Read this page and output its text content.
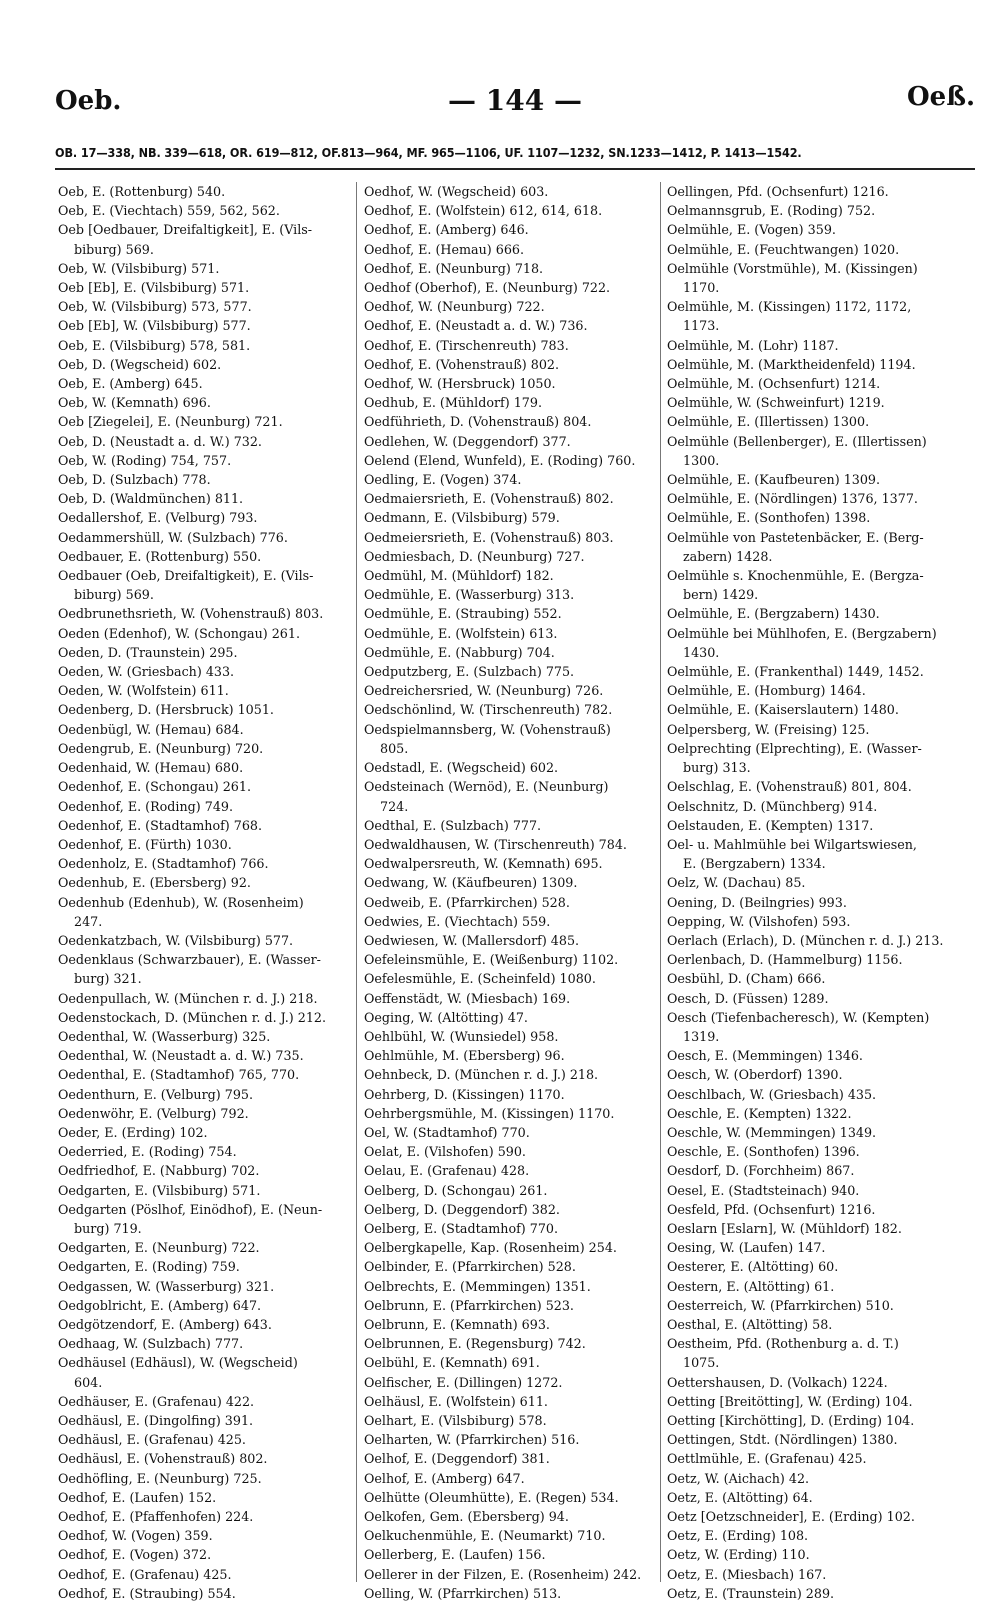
Oeb.	— 144 —	Oeß.
OB. 17—338, NB. 339—618, OR. 619—812, OF.813—964, MF. 965—1106, UF. 1107—1232, SN.1233—1412, P. 1413—1542.
Oeb, E. (Rottenburg) 540.
Oeb, E. (Viechtach) 559, 562, 562.
Oeb [Oedbauer, Dreifaltigkeit], E. (Vils-
biburg) 569.
Oeb, W. (Vilsbiburg) 571.
Oeb [Eb], E. (Vilsbiburg) 571.
Oeb, W. (Vilsbiburg) 573, 577.
Oeb [Eb], W. (Vilsbiburg) 577.
Oeb, E. (Vilsbiburg) 578, 581.
Oeb, D. (Wegscheid) 602.
Oeb, E. (Amberg) 645.
Oeb, W. (Kemnath) 696.
Oeb [Ziegelei], E. (Neunburg) 721.
Oeb, D. (Neustadt a. d. W.) 732.
Oeb, W. (Roding) 754, 757.
Oeb, D. (Sulzbach) 778.
Oeb, D. (Waldmünchen) 811.
Oedallershof, E. (Velburg) 793.
Oedammershüll, W. (Sulzbach) 776.
Oedbauer, E. (Rottenburg) 550.
Oedbauer (Oeb, Dreifaltigkeit), E. (Vils-
biburg) 569.
Oedbrunethsrieth, W. (Vohenstrauß) 803.
Oeden (Edenhof), W. (Schongau) 261.
Oeden, D. (Traunstein) 295.
Oeden, W. (Griesbach) 433.
Oeden, W. (Wolfstein) 611.
Oedenberg, D. (Hersbruck) 1051.
Oedenbügl, W. (Hemau) 684.
Oedengrub, E. (Neunburg) 720.
Oedenhaid, W. (Hemau) 680.
Oedenhof, E. (Schongau) 261.
Oedenhof, E. (Roding) 749.
Oedenhof, E. (Stadtamhof) 768.
Oedenhof, E. (Fürth) 1030.
Oedenholz, E. (Stadtamhof) 766.
Oedenhub, E. (Ebersberg) 92.
Oedenhub (Edenhub), W. (Rosenheim)
247.
Oedenkatzbach, W. (Vilsbiburg) 577.
Oedenklaus (Schwarzbauer), E. (Wasser-
burg) 321.
Oedenpullach, W. (München r. d. J.) 218.
Oedenstockach, D. (München r. d. J.) 212.
Oedenthal, W. (Wasserburg) 325.
Oedenthal, W. (Neustadt a. d. W.) 735.
Oedenthal, E. (Stadtamhof) 765, 770.
Oedenthurn, E. (Velburg) 795.
Oedenwöhr, E. (Velburg) 792.
Oeder, E. (Erding) 102.
Oederried, E. (Roding) 754.
Oedfriedhof, E. (Nabburg) 702.
Oedgarten, E. (Vilsbiburg) 571.
Oedgarten (Pöslhof, Einödhof), E. (Neun-
burg) 719.
Oedgarten, E. (Neunburg) 722.
Oedgarten, E. (Roding) 759.
Oedgassen, W. (Wasserburg) 321.
Oedgoblricht, E. (Amberg) 647.
Oedgötzendorf, E. (Amberg) 643.
Oedhaag, W. (Sulzbach) 777.
Oedhäusel (Edhäusl), W. (Wegscheid)
604.
Oedhäuser, E. (Grafenau) 422.
Oedhäusl, E. (Dingolfing) 391.
Oedhäusl, E. (Grafenau) 425.
Oedhäusl, E. (Vohenstrauß) 802.
Oedhöfling, E. (Neunburg) 725.
Oedhof, E. (Laufen) 152.
Oedhof, E. (Pfaffenhofen) 224.
Oedhof, W. (Vogen) 359.
Oedhof, E. (Vogen) 372.
Oedhof, E. (Grafenau) 425.
Oedhof, E. (Straubing) 554.
Oedhof, W. (Wegscheid) 603.
Oedhof, E. (Wolfstein) 612, 614, 618.
Oedhof, E. (Amberg) 646.
Oedhof, E. (Hemau) 666.
Oedhof, E. (Neunburg) 718.
Oedhof (Oberhof), E. (Neunburg) 722.
Oedhof, W. (Neunburg) 722.
Oedhof, E. (Neustadt a. d. W.) 736.
Oedhof, E. (Tirschenreuth) 783.
Oedhof, E. (Vohenstrauß) 802.
Oedhof, W. (Hersbruck) 1050.
Oedhub, E. (Mühldorf) 179.
Oedführieth, D. (Vohenstrauß) 804.
Oedlehen, W. (Deggendorf) 377.
Oelend (Elend, Wunfeld), E. (Roding) 760.
Oedling, E. (Vogen) 374.
Oedmaiersrieth, E. (Vohenstrauß) 802.
Oedmann, E. (Vilsbiburg) 579.
Oedmeiersrieth, E. (Vohenstrauß) 803.
Oedmiesbach, D. (Neunburg) 727.
Oedmühl, M. (Mühldorf) 182.
Oedmühle, E. (Wasserburg) 313.
Oedmühle, E. (Straubing) 552.
Oedmühle, E. (Wolfstein) 613.
Oedmühle, E. (Nabburg) 704.
Oedputzberg, E. (Sulzbach) 775.
Oedreichersried, W. (Neunburg) 726.
Oedschönlind, W. (Tirschenreuth) 782.
Oedspielmannsberg, W. (Vohenstrauß)
805.
Oedstadl, E. (Wegscheid) 602.
Oedsteinach (Wernöd), E. (Neunburg)
724.
Oedthal, E. (Sulzbach) 777.
Oedwaldhausen, W. (Tirschenreuth) 784.
Oedwalpersreuth, W. (Kemnath) 695.
Oedwang, W. (Käufbeuren) 1309.
Oedweib, E. (Pfarrkirchen) 528.
Oedwies, E. (Viechtach) 559.
Oedwiesen, W. (Mallersdorf) 485.
Oefeleinsmühle, E. (Weißenburg) 1102.
Oefelesmühle, E. (Scheinfeld) 1080.
Oeffenstädt, W. (Miesbach) 169.
Oeging, W. (Altötting) 47.
Oehlbühl, W. (Wunsiedel) 958.
Oehlmühle, M. (Ebersberg) 96.
Oehnbeck, D. (München r. d. J.) 218.
Oehrberg, D. (Kissingen) 1170.
Oehrbergsmühle, M. (Kissingen) 1170.
Oel, W. (Stadtamhof) 770.
Oelat, E. (Vilshofen) 590.
Oelau, E. (Grafenau) 428.
Oelberg, D. (Schongau) 261.
Oelberg, D. (Deggendorf) 382.
Oelberg, E. (Stadtamhof) 770.
Oelbergkapelle, Kap. (Rosenheim) 254.
Oelbinder, E. (Pfarrkirchen) 528.
Oelbrechts, E. (Memmingen) 1351.
Oelbrunn, E. (Pfarrkirchen) 523.
Oelbrunn, E. (Kemnath) 693.
Oelbrunnen, E. (Regensburg) 742.
Oelbühl, E. (Kemnath) 691.
Oelfischer, E. (Dillingen) 1272.
Oelhäusl, E. (Wolfstein) 611.
Oelhart, E. (Vilsbiburg) 578.
Oelharten, W. (Pfarrkirchen) 516.
Oelhof, E. (Deggendorf) 381.
Oelhof, E. (Amberg) 647.
Oelhütte (Oleumhütte), E. (Regen) 534.
Oelkofen, Gem. (Ebersberg) 94.
Oelkuchenmühle, E. (Neumarkt) 710.
Oellerberg, E. (Laufen) 156.
Oellerer in der Filzen, E. (Rosenheim) 242.
Oelling, W. (Pfarrkirchen) 513.
Oellingen, Pfd. (Ochsenfurt) 1216.
Oelmannsgrub, E. (Roding) 752.
Oelmühle, E. (Vogen) 359.
Oelmühle, E. (Feuchtwangen) 1020.
Oelmühle (Vorstmühle), M. (Kissingen)
1170.
Oelmühle, M. (Kissingen) 1172, 1172,
1173.
Oelmühle, M. (Lohr) 1187.
Oelmühle, M. (Marktheidenfeld) 1194.
Oelmühle, M. (Ochsenfurt) 1214.
Oelmühle, W. (Schweinfurt) 1219.
Oelmühle, E. (Illertissen) 1300.
Oelmühle (Bellenberger), E. (Illertissen)
1300.
Oelmühle, E. (Kaufbeuren) 1309.
Oelmühle, E. (Nördlingen) 1376, 1377.
Oelmühle, E. (Sonthofen) 1398.
Oelmühle von Pastetenbäcker, E. (Berg-
zabern) 1428.
Oelmühle s. Knochenmühle, E. (Bergza-
bern) 1429.
Oelmühle, E. (Bergzabern) 1430.
Oelmühle bei Mühlhofen, E. (Bergzabern)
1430.
Oelmühle, E. (Frankenthal) 1449, 1452.
Oelmühle, E. (Homburg) 1464.
Oelmühle, E. (Kaiserslautern) 1480.
Oelpersberg, W. (Freising) 125.
Oelprechting (Elprechting), E. (Wasser-
burg) 313.
Oelschlag, E. (Vohenstrauß) 801, 804.
Oelschnitz, D. (Münchberg) 914.
Oelstauden, E. (Kempten) 1317.
Oel- u. Mahlmühle bei Wilgartswiesen,
E. (Bergzabern) 1334.
Oelz, W. (Dachau) 85.
Oening, D. (Beilngries) 993.
Oepping, W. (Vilshofen) 593.
Oerlach (Erlach), D. (München r. d. J.) 213.
Oerlenbach, D. (Hammelburg) 1156.
Oesbühl, D. (Cham) 666.
Oesch, D. (Füssen) 1289.
Oesch (Tiefenbacheresch), W. (Kempten)
1319.
Oesch, E. (Memmingen) 1346.
Oesch, W. (Oberdorf) 1390.
Oeschlbach, W. (Griesbach) 435.
Oeschle, E. (Kempten) 1322.
Oeschle, W. (Memmingen) 1349.
Oeschle, E. (Sonthofen) 1396.
Oesdorf, D. (Forchheim) 867.
Oesel, E. (Stadtsteinach) 940.
Oesfeld, Pfd. (Ochsenfurt) 1216.
Oeslarn [Eslarn], W. (Mühldorf) 182.
Oesing, W. (Laufen) 147.
Oesterer, E. (Altötting) 60.
Oestern, E. (Altötting) 61.
Oesterreich, W. (Pfarrkirchen) 510.
Oesthal, E. (Altötting) 58.
Oestheim, Pfd. (Rothenburg a. d. T.)
1075.
Oettershausen, D. (Volkach) 1224.
Oetting [Breitötting], W. (Erding) 104.
Oetting [Kirchötting], D. (Erding) 104.
Oettingen, Stdt. (Nördlingen) 1380.
Oettlmühle, E. (Grafenau) 425.
Oetz, W. (Aichach) 42.
Oetz, E. (Altötting) 64.
Oetz [Oetzschneider], E. (Erding) 102.
Oetz, E. (Erding) 108.
Oetz, W. (Erding) 110.
Oetz, E. (Miesbach) 167.
Oetz, E. (Traunstein) 289.
